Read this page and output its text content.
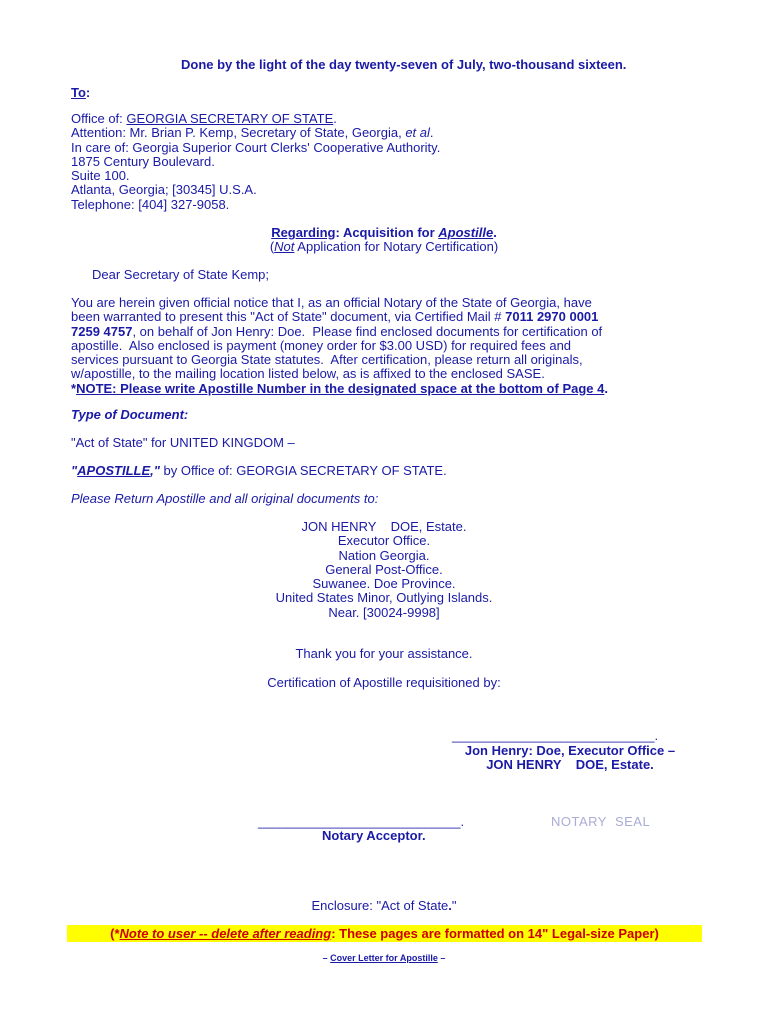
Done by the light of the day twenty-seven of July, two-thousand sixteen.
To:
Office of: GEORGIA SECRETARY OF STATE.
Attention: Mr. Brian P. Kemp, Secretary of State, Georgia, et al.
In care of: Georgia Superior Court Clerks' Cooperative Authority.
1875 Century Boulevard.
Suite 100.
Atlanta, Georgia; [30345] U.S.A.
Telephone: [404] 327-9058.
Regarding: Acquisition for Apostille.
(Not Application for Notary Certification)
Dear Secretary of State Kemp;
You are herein given official notice that I, as an official Notary of the State of Georgia, have
been warranted to present this "Act of State" document, via Certified Mail # 7011 2970 0001
7259 4757, on behalf of Jon Henry: Doe.  Please find enclosed documents for certification of
apostille.  Also enclosed is payment (money order for $3.00 USD) for required fees and
services pursuant to Georgia State statutes.  After certification, please return all originals,
w/apostille, to the mailing location listed below, as is affixed to the enclosed SASE.
*NOTE: Please write Apostille Number in the designated space at the bottom of Page 4.
Type of Document:
"Act of State" for UNITED KINGDOM –
"APOSTILLE," by Office of: GEORGIA SECRETARY OF STATE.
Please Return Apostille and all original documents to:
JON HENRY    DOE, Estate.
Executor Office.
Nation Georgia.
General Post-Office.
Suwanee. Doe Province.
United States Minor, Outlying Islands.
Near. [30024-9998]
Thank you for your assistance.
Certification of Apostille requisitioned by:
____________________________.
Jon Henry: Doe, Executor Office –
JON HENRY    DOE, Estate.
____________________________.	NOTARY  SEAL
Notary Acceptor.
Enclosure: "Act of State."
(*Note to user -- delete after reading: These pages are formatted on 14" Legal-size Paper)
– Cover Letter for Apostille –
